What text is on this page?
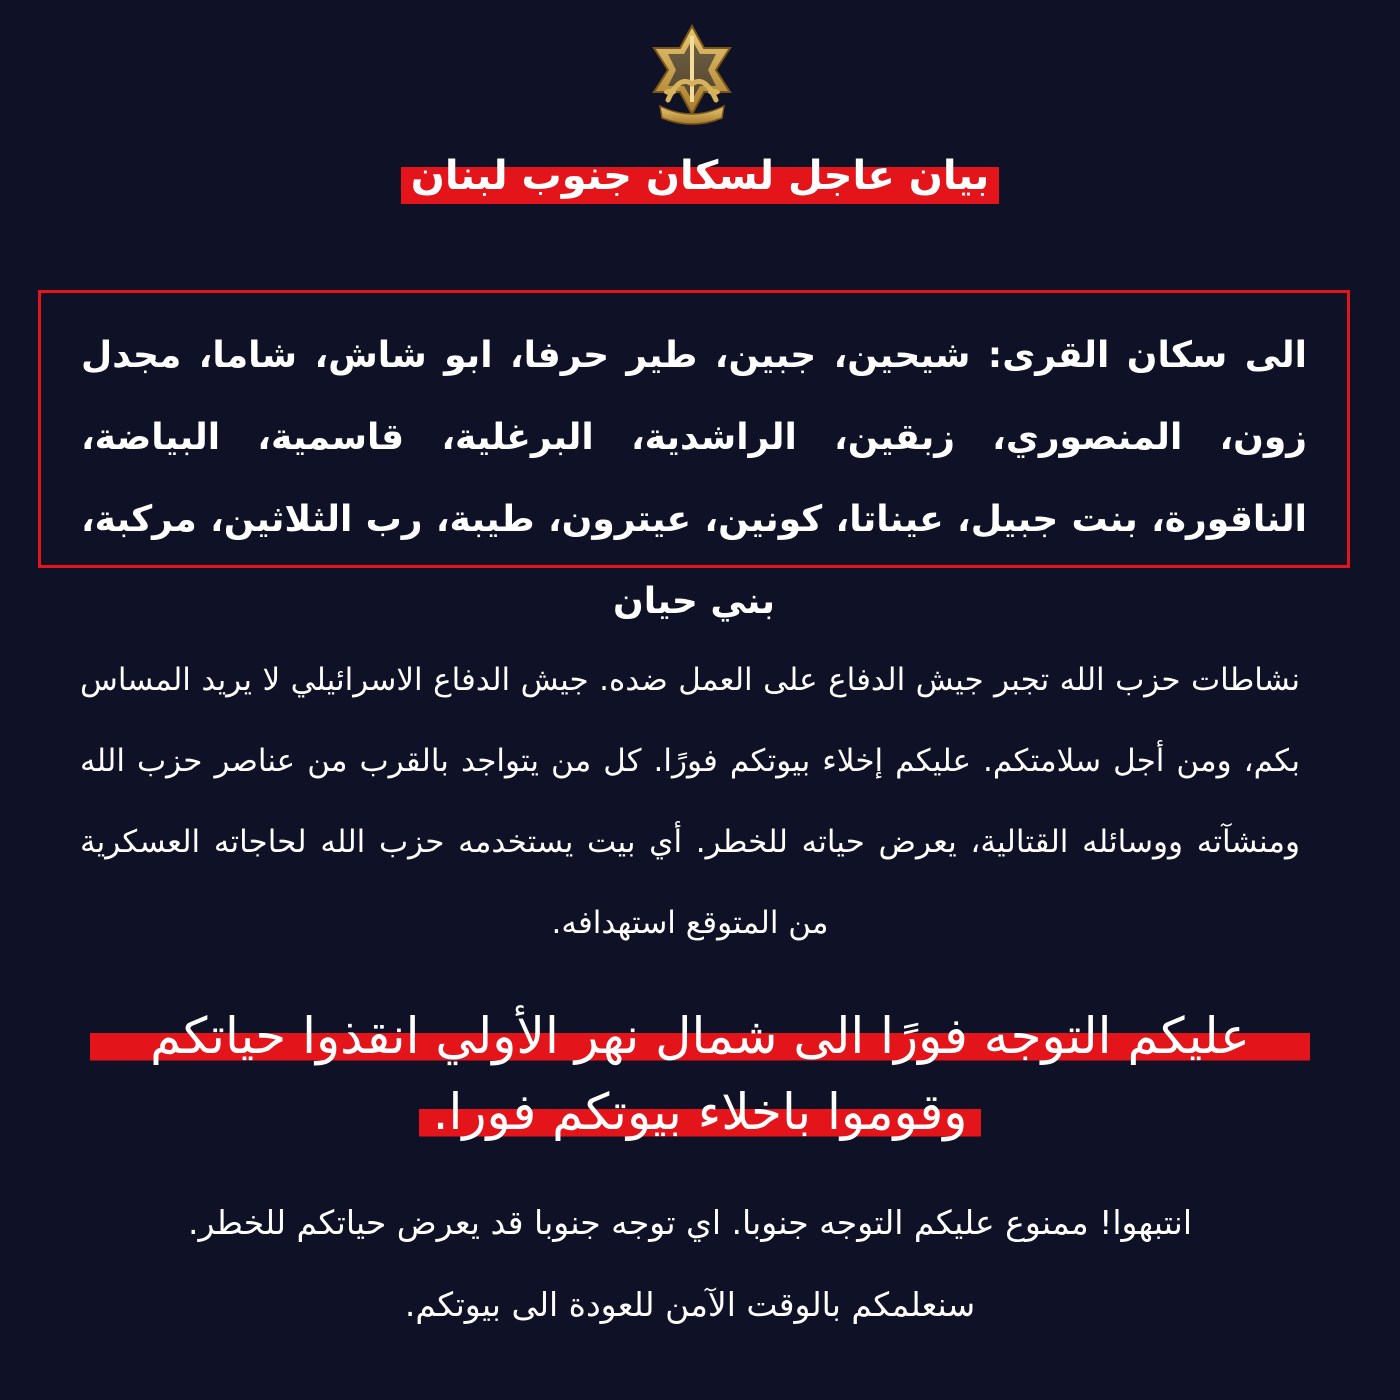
بيان عاجل لسكان جنوب لبنان
الى سكان القرى: شيحين، جبين، طير حرفا، ابو شاش، شاما، مجدل زون، المنصوري، زبقين، الراشدية، البرغلية، قاسمية، البياضة، الناقورة، بنت جبيل، عيناتا، كونين، عيترون، طيبة، رب الثلاثين، مركبة، بني حيان
نشاطات حزب الله تجبر جيش الدفاع على العمل ضده. جيش الدفاع الاسرائيلي لا يريد المساس بكم، ومن أجل سلامتكم. عليكم إخلاء بيوتكم فورًا. كل من يتواجد بالقرب من عناصر حزب الله ومنشآته ووسائله القتالية، يعرض حياته للخطر. أي بيت يستخدمه حزب الله لحاجاته العسكرية من المتوقع استهدافه.
عليكم التوجه فورًا الى شمال نهر الأولي انقذوا حياتكم
وقوموا باخلاء بيوتكم فورا.
انتبهوا! ممنوع عليكم التوجه جنوبا. اي توجه جنوبا قد يعرض حياتكم للخطر.
سنعلمكم بالوقت الآمن للعودة الى بيوتكم.
